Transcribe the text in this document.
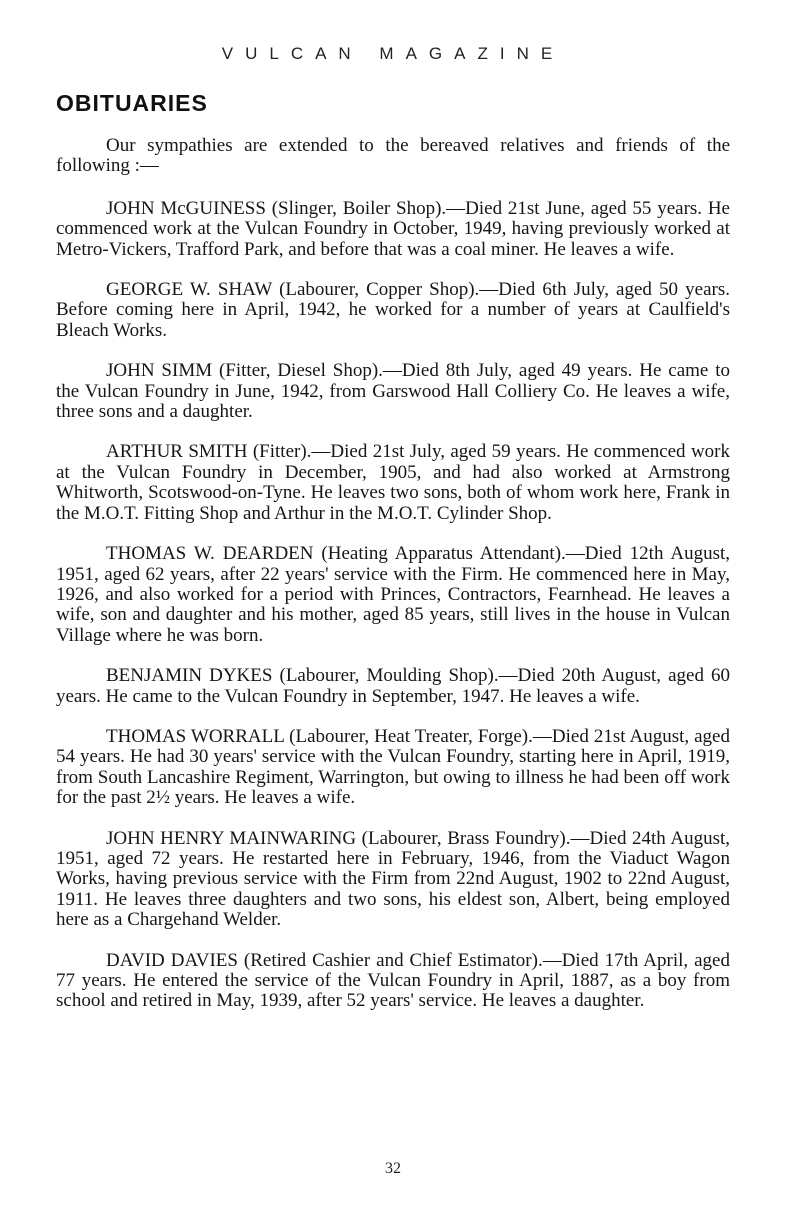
VULCAN MAGAZINE
OBITUARIES

Our sympathies are extended to the bereaved relatives and friends of the following :—

JOHN McGUINESS (Slinger, Boiler Shop).—Died 21st June, aged 55 years. He commenced work at the Vulcan Foundry in October, 1949, having previously worked at Metro-Vickers, Trafford Park, and before that was a coal miner. He leaves a wife.

GEORGE W. SHAW (Labourer, Copper Shop).—Died 6th July, aged 50 years. Before coming here in April, 1942, he worked for a number of years at Caulfield's Bleach Works.

JOHN SIMM (Fitter, Diesel Shop).—Died 8th July, aged 49 years. He came to the Vulcan Foundry in June, 1942, from Garswood Hall Colliery Co. He leaves a wife, three sons and a daughter.

ARTHUR SMITH (Fitter).—Died 21st July, aged 59 years. He commenced work at the Vulcan Foundry in December, 1905, and had also worked at Armstrong Whitworth, Scotswood-on-Tyne. He leaves two sons, both of whom work here, Frank in the M.O.T. Fitting Shop and Arthur in the M.O.T. Cylinder Shop.

THOMAS W. DEARDEN (Heating Apparatus Attendant).—Died 12th August, 1951, aged 62 years, after 22 years' service with the Firm. He commenced here in May, 1926, and also worked for a period with Princes, Contractors, Fearnhead. He leaves a wife, son and daughter and his mother, aged 85 years, still lives in the house in Vulcan Village where he was born.

BENJAMIN DYKES (Labourer, Moulding Shop).—Died 20th August, aged 60 years. He came to the Vulcan Foundry in September, 1947. He leaves a wife.

THOMAS WORRALL (Labourer, Heat Treater, Forge).—Died 21st August, aged 54 years. He had 30 years' service with the Vulcan Foundry, starting here in April, 1919, from South Lancashire Regiment, Warrington, but owing to illness he had been off work for the past 2½ years. He leaves a wife.

JOHN HENRY MAINWARING (Labourer, Brass Foundry).—Died 24th August, 1951, aged 72 years. He restarted here in February, 1946, from the Viaduct Wagon Works, having previous service with the Firm from 22nd August, 1902 to 22nd August, 1911. He leaves three daughters and two sons, his eldest son, Albert, being employed here as a Chargehand Welder.

DAVID DAVIES (Retired Cashier and Chief Estimator).—Died 17th April, aged 77 years. He entered the service of the Vulcan Foundry in April, 1887, as a boy from school and retired in May, 1939, after 52 years' service. He leaves a daughter.

32
